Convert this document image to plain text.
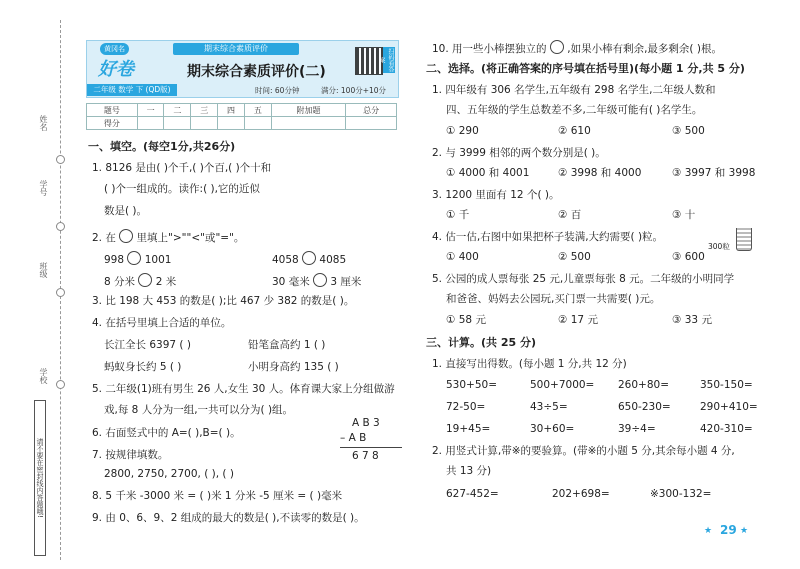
姓名
学号
班级
学校
请不要在密封线内答题哦!
黄冈名
好卷
二年级 数学 下 (QD版)
期末综合素质评价
期末综合素质评价(二)	扫码看答案
时间: 60分钟	满分: 100分+10分
题号	一	二	三	四	五	附加题	总分
得分							
一、填空。(每空1分,共26分)
1. 8126 是由( )个千,( )个百,( )个十和
( )个一组成的。读作:( ),它的近似
数是( )。
2. 在 里填上">""<"或"="。
998 1001	4058 4085
8 分米 2 米	30 毫米 3 厘米
3. 比 198 大 453 的数是( );比 467 少 382 的数是( )。
4. 在括号里填上合适的单位。
长江全长 6397 ( )	铅笔盒高约 1 ( )
蚂蚁身长约 5 ( )	小明身高约 135 ( )
5. 二年级(1)班有男生 26 人,女生 30 人。体育课大家上分组做游
戏,每 8 人分为一组,一共可以分为( )组。
6. 右面竖式中的 A=( ),B=( )。
A B 3
– A B
6 7 8
7. 按规律填数。
2800, 2750, 2700, ( ), ( )
8. 5 千米 -3000 米 = ( )米 1 分米 -5 厘米 = ( )毫米
9. 由 0、6、9、2 组成的最大的数是( ),不读零的数是( )。
10. 用一些小棒摆独立的 ,如果小棒有剩余,最多剩余( )根。
二、选择。(将正确答案的序号填在括号里)(每小题 1 分,共 5 分)
1. 四年级有 306 名学生,五年级有 298 名学生,二年级人数和
四、五年级的学生总数差不多,二年级可能有( )名学生。
① 290	② 610	③ 500
2. 与 3999 相邻的两个数分别是( )。
① 4000 和 4001	② 3998 和 4000	③ 3997 和 3998
3. 1200 里面有 12 个( )。
① 千	② 百	③ 十
4. 估一估,右图中如果把杯子装满,大约需要( )粒。
① 400	② 500	③ 600
300粒
5. 公园的成人票每张 25 元,儿童票每张 8 元。二年级的小明同学
和爸爸、妈妈去公园玩,买门票一共需要( )元。
① 58 元	② 17 元	③ 33 元
三、计算。(共 25 分)
1. 直接写出得数。(每小题 1 分,共 12 分)
530+50=	500+7000= 260+80=	350-150=
72-50=	43÷5=	650-230=	290+410=
19+45=	30+60=	39÷4=	420-310=
2. 用竖式计算,带※的要验算。(带※的小题 5 分,其余每小题 4 分,
共 13 分)
627-452=	202+698=	※300-132=
★ 29 ★
